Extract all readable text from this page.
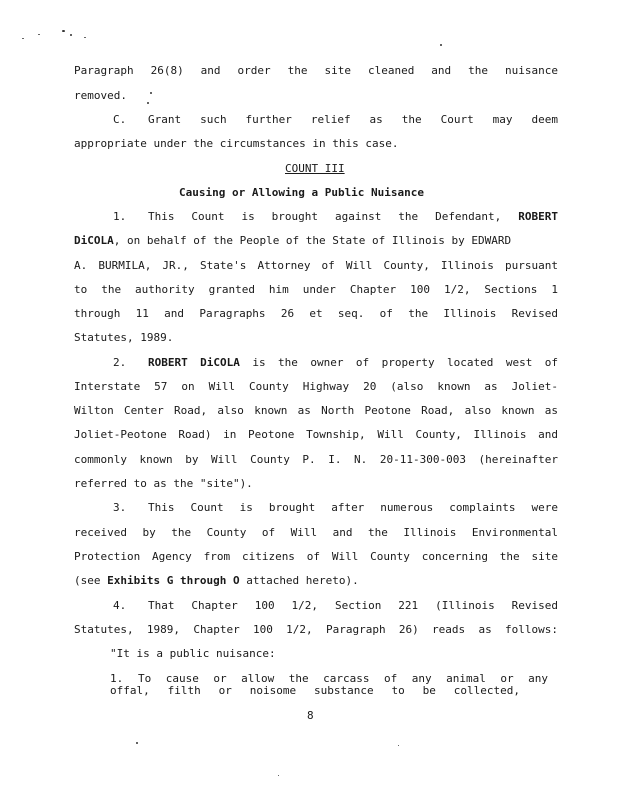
Paragraph 26(8) and order the site cleaned and the nuisance

removed.

C. Grant such further relief as the Court may deem

appropriate under the circumstances in this case.

COUNT III

Causing or Allowing a Public Nuisance

1. This Count is brought against the Defendant, ROBERT

DiCOLA, on behalf of the People of the State of Illinois by EDWARD

A. BURMILA, JR., State's Attorney of Will County, Illinois pursuant

to the authority granted him under Chapter 100 1/2, Sections 1

through 11 and Paragraphs 26 et seq. of the Illinois Revised

Statutes, 1989.

2. ROBERT DiCOLA is the owner of property located west of

Interstate 57 on Will County Highway 20 (also known as Joliet-

Wilton Center Road, also known as North Peotone Road, also known as

Joliet-Peotone Road) in Peotone Township, Will County, Illinois and

commonly known by Will County P. I. N. 20-11-300-003 (hereinafter

referred to as the "site").

3. This Count is brought after numerous complaints were

received by the County of Will and the Illinois Environmental

Protection Agency from citizens of Will County concerning the site

(see Exhibits G through O attached hereto).

4. That Chapter 100 1/2, Section 221 (Illinois Revised

Statutes, 1989, Chapter 100 1/2, Paragraph 26) reads as follows:

"It is a public nuisance:

1. To cause or allow the carcass of any animal or any

offal, filth or noisome substance to be collected,

8
